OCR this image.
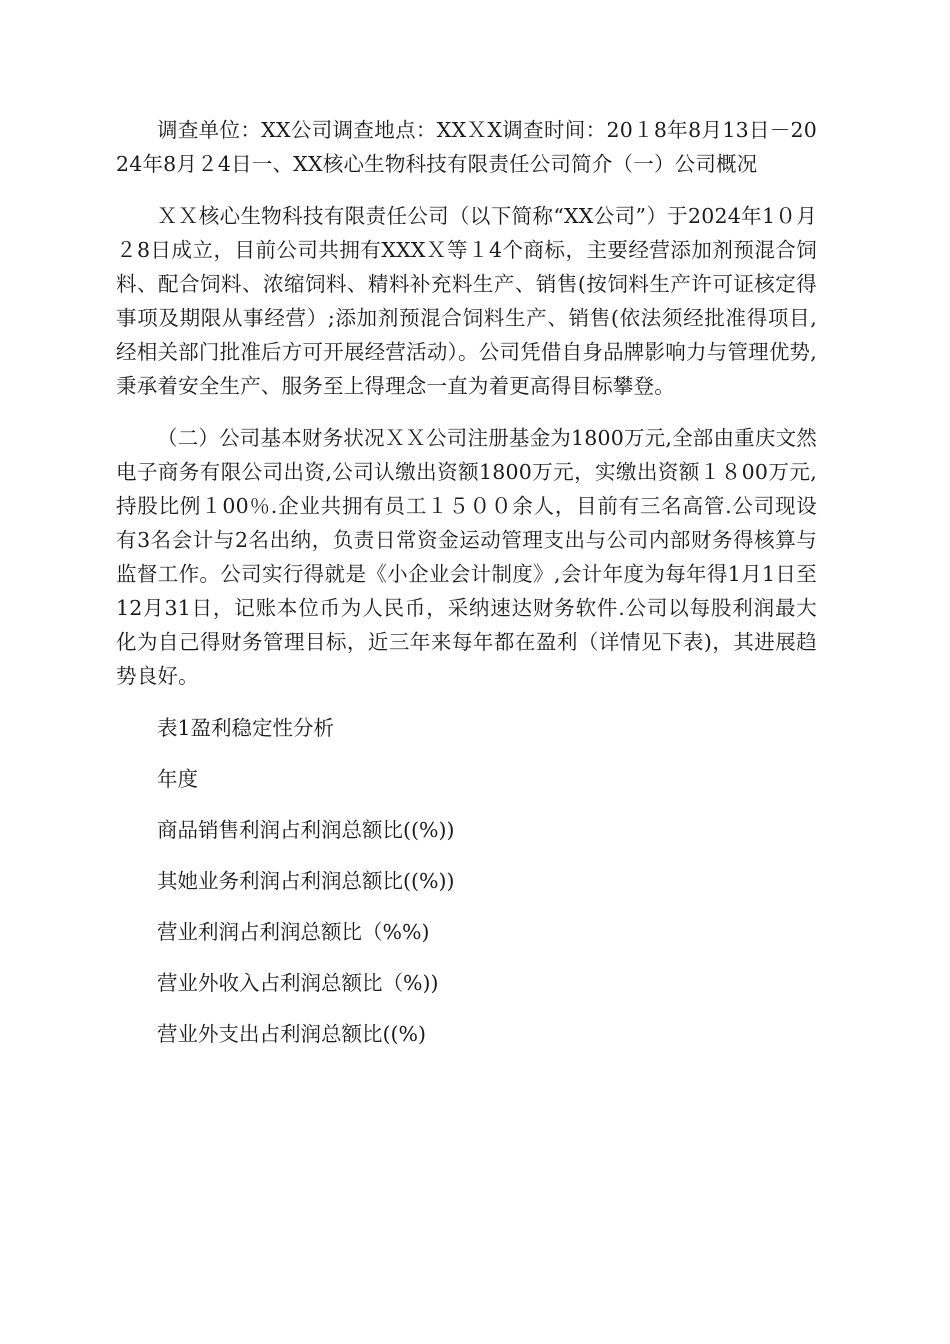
调查单位：XX公司调查地点：XXＸX调查时间：20１8年8月13日－2024年8月２4日一、XX核心生物科技有限责任公司简介（一）公司概况

ＸＸ核心生物科技有限责任公司（以下简称“XX公司”）于2024年1０月２8日成立，目前公司共拥有XXXＸ等１4个商标，主要经营添加剂预混合饲料、配合饲料、浓缩饲料、精料补充料生产、销售(按饲料生产许可证核定得事项及期限从事经营）;添加剂预混合饲料生产、销售(依法须经批准得项目,经相关部门批准后方可开展经营活动）。公司凭借自身品牌影响力与管理优势,秉承着安全生产、服务至上得理念一直为着更高得目标攀登。

（二）公司基本财务状况ＸＸ公司注册基金为1800万元,全部由重庆文然电子商务有限公司出资,公司认缴出资额1800万元，实缴出资额１８00万元,持股比例１00％.企业共拥有员工１５００余人，目前有三名高管.公司现设有3名会计与2名出纳，负责日常资金运动管理支出与公司内部财务得核算与监督工作。公司实行得就是《小企业会计制度》,会计年度为每年得1月1日至12月31日，记账本位币为人民币，采纳速达财务软件.公司以每股利润最大化为自己得财务管理目标，近三年来每年都在盈利（详情见下表)，其进展趋势良好。

表1盈利稳定性分析

年度

商品销售利润占利润总额比((%))

其她业务利润占利润总额比((%))

营业利润占利润总额比（%%)

营业外收入占利润总额比（%))

营业外支出占利润总额比((%)
